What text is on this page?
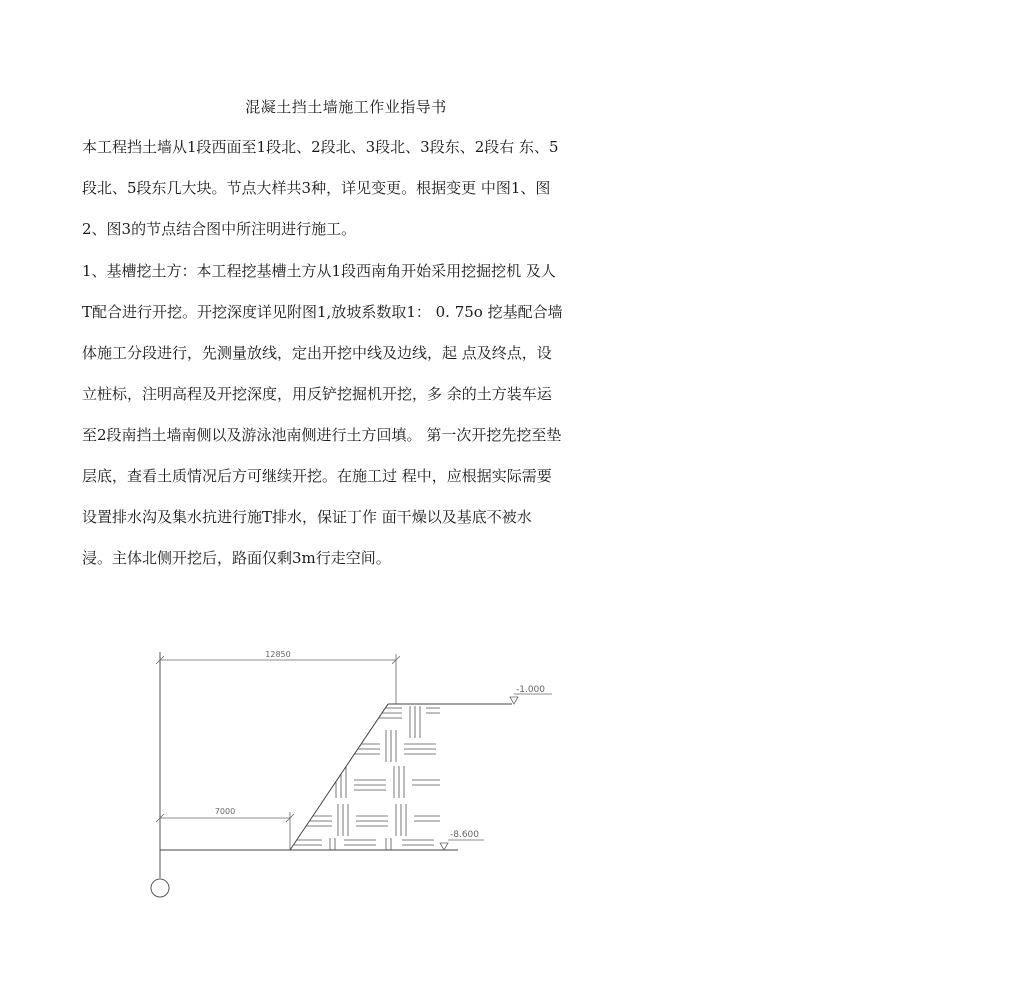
混凝土挡土墙施工作业指导书

本工程挡土墙从1段西面至1段北、2段北、3段北、3段东、2段右 东、5
段北、5段东几大块。节点大样共3种，详见变更。根据变更 中图1、图
2、图3的节点结合图中所注明进行施工。

1、基槽挖土方：本工程挖基槽土方从1段西南角开始采用挖掘挖机 及人
T配合进行开挖。开挖深度详见附图1,放坡系数取1： 0. 75o 挖基配合墙
体施工分段进行，先测量放线，定出开挖中线及边线，起 点及终点，设
立桩标，注明高程及开挖深度，用反铲挖掘机开挖，多 余的土方装车运
至2段南挡土墙南侧以及游泳池南侧进行土方回填。 第一次开挖先挖至垫
层底，查看土质情况后方可继续开挖。在施工过 程中，应根据实际需要
设置排水沟及集水抗进行施T排水，保证丁作 面干燥以及基底不被水
浸。主体北侧开挖后，路面仅剩3m行走空间。

12850
7000
-1.000
-8.600
